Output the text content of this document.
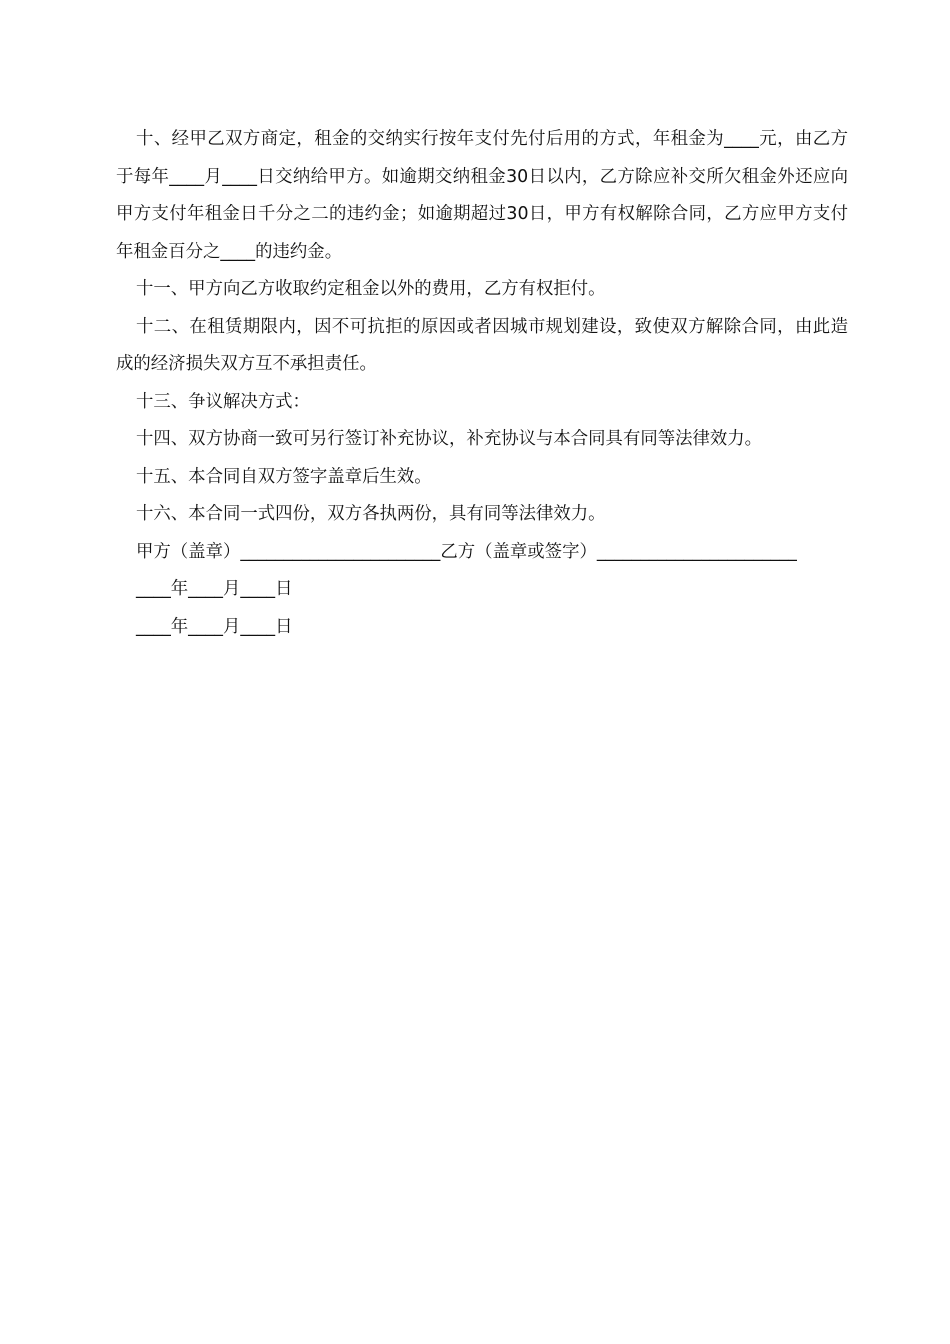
十、经甲乙双方商定，租金的交纳实行按年支付先付后用的方式，年租金为____元，由乙方于每年____月____日交纳给甲方。如逾期交纳租金30日以内，乙方除应补交所欠租金外还应向甲方支付年租金日千分之二的违约金；如逾期超过30日，甲方有权解除合同，乙方应甲方支付年租金百分之____的违约金。

十一、甲方向乙方收取约定租金以外的费用，乙方有权拒付。

十二、在租赁期限内，因不可抗拒的原因或者因城市规划建设，致使双方解除合同，由此造成的经济损失双方互不承担责任。

十三、争议解决方式：

十四、双方协商一致可另行签订补充协议，补充协议与本合同具有同等法律效力。

十五、本合同自双方签字盖章后生效。

十六、本合同一式四份，双方各执两份，具有同等法律效力。

甲方（盖章）_______________________乙方（盖章或签字）_______________________

____年____月____日

____年____月____日
